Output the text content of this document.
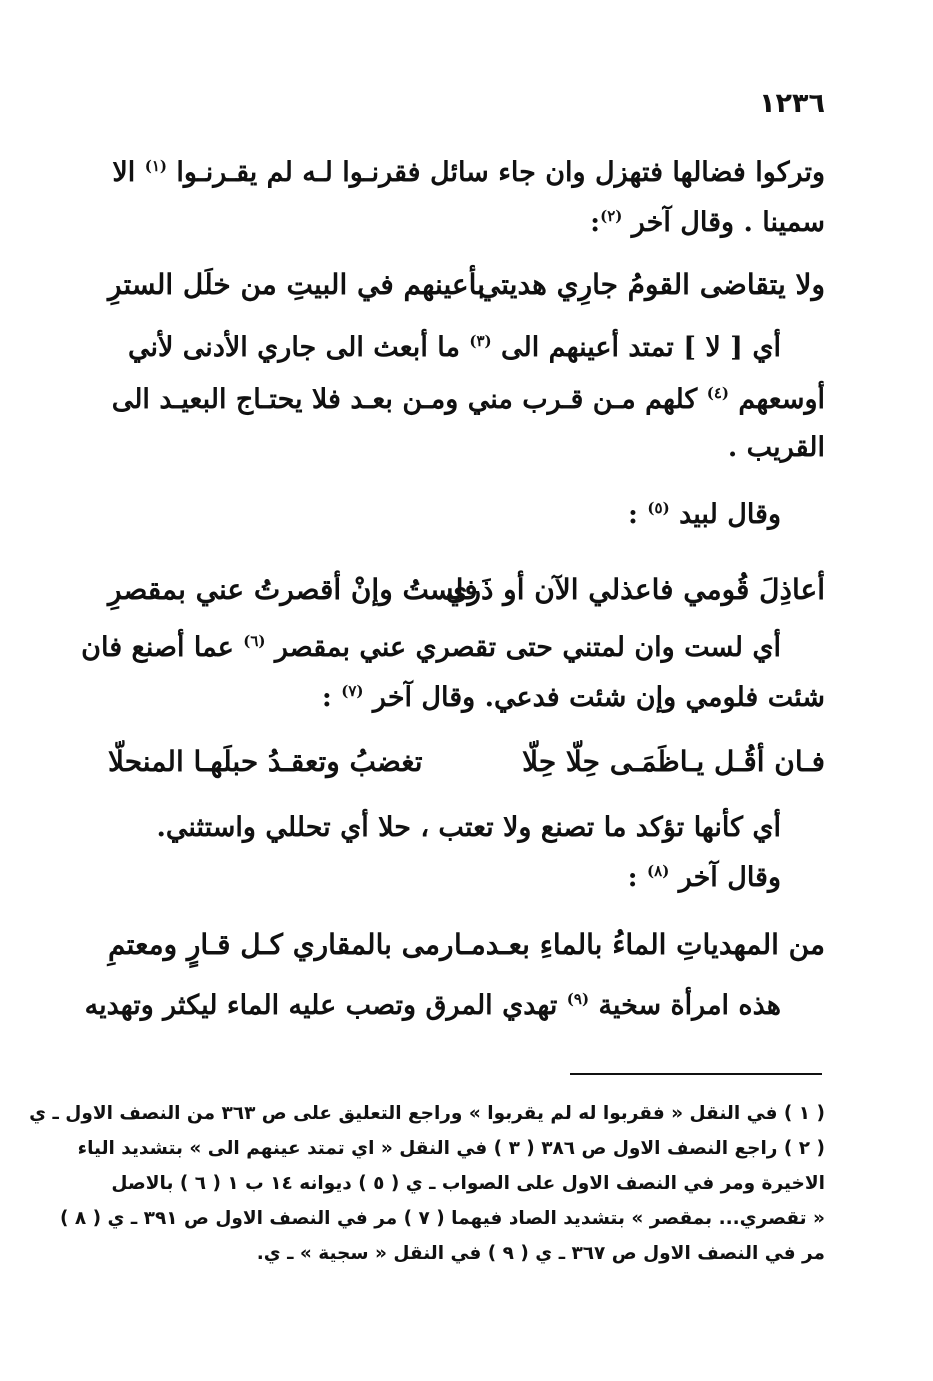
١٢٣٦
وتركوا فضالها فتهزل وان جاء سائل فقرنـوا لـه لم يقـرنـوا $^{(١)}$ الا
سمينا . وقال آخر $^{(٢)}$:
ولا يتقاضى القومُ جارِي هديتي
بأعينهم في البيتِ من خلَل السترِ
أي [ لا ] تمتد أعينهم الى $^{(٣)}$ ما أبعث الى جاري الأدنى لأني
أوسعهم $^{(٤)}$ كلهم مـن قـرب مني ومـن بعـد فلا يحتـاج البعيـد الى
القريب .
وقال لبيد $^{(٥)}$ :
أعاذِلَ قُومي فاعذلي الآن أو ذَري
فلستُ وإنْ أقصرتُ عني بمقصرِ
أي لست وان لمتني حتى تقصري عني بمقصر $^{(٦)}$ عما أصنع فان
شئت فلومي وإن شئت فدعي. وقال آخر $^{(٧)}$ :
فـان أقُـل يـاظَمَـى حِلّا حِلّا
تغضبُ وتعقـدُ حبلَهـا المنحلّا
أي كأنها تؤكد ما تصنع ولا تعتب ، حلا أي تحللي واستثني.
وقال آخر $^{(٨)}$ :
من المهدياتِ الماءُ بالماءِ بعـدمـا
رمى بالمقاري كـل قـارٍ ومعتمِ
هذه امرأة سخية $^{(٩)}$ تهدي المرق وتصب عليه الماء ليكثر وتهديه
( ١ ) في النقل « فقربوا له لم يقربوا » وراجع التعليق على ص ٣٦٣ من النصف الاول ـ ي
( ٢ ) راجع النصف الاول ص ٣٨٦ ( ٣ ) في النقل « اي تمتد عينهم الى » بتشديد الياء
الاخيرة ومر في النصف الاول على الصواب ـ ي ( ٥ ) ديوانه ١٤ ب ١ ( ٦ ) بالاصل
« تقصري... بمقصر » بتشديد الصاد فيهما ( ٧ ) مر في النصف الاول ص ٣٩١ ـ ي ( ٨ )
مر في النصف الاول ص ٣٦٧ ـ ي ( ٩ ) في النقل « سجية » ـ ي.
